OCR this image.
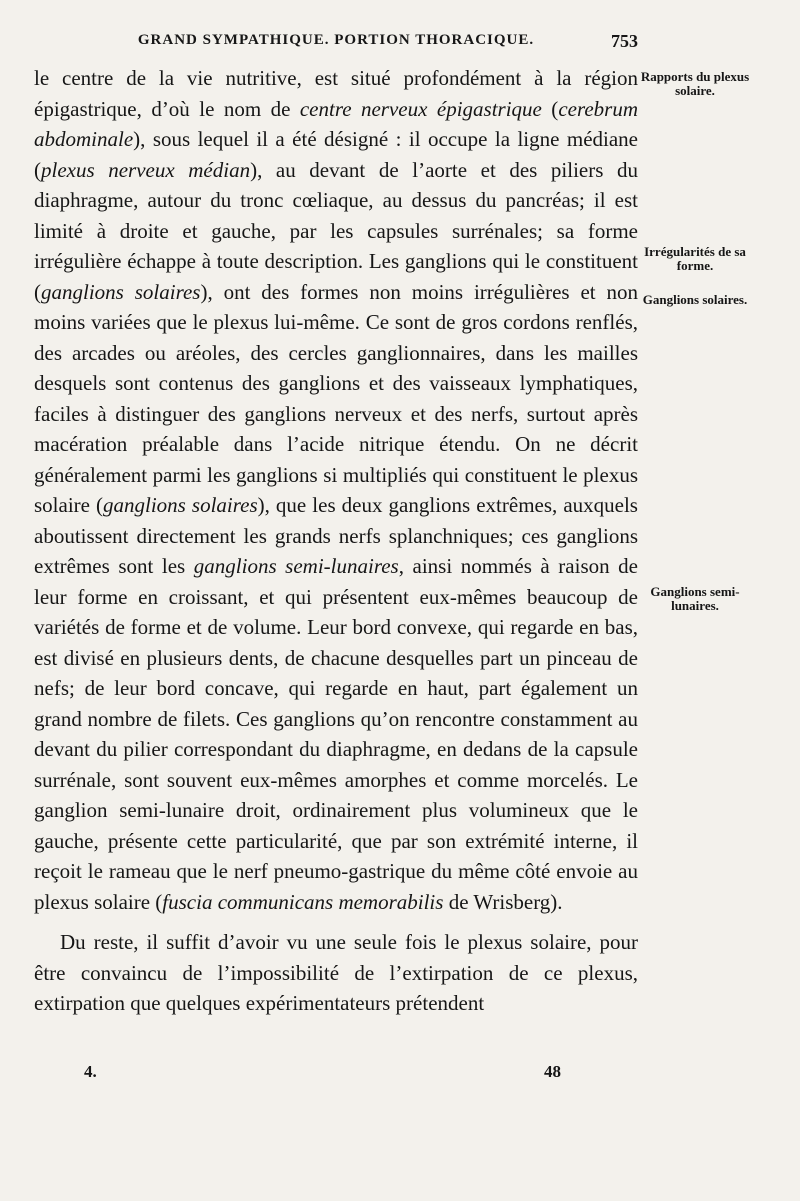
GRAND SYMPATHIQUE. PORTION THORACIQUE.	753
le centre de la vie nutritive, est situé profondément à la région épigastrique, d’où le nom de centre nerveux épigastrique (cerebrum abdominale), sous lequel il a été désigné : il occupe la ligne médiane (plexus nerveux médian), au devant de l’aorte et des piliers du diaphragme, autour du tronc cœliaque, au dessus du pancréas; il est limité à droite et gauche, par les capsules surrénales; sa forme irrégulière échappe à toute description. Les ganglions qui le constituent (ganglions solaires), ont des formes non moins irrégulières et non moins variées que le plexus lui-même. Ce sont de gros cordons renflés, des arcades ou aréoles, des cercles ganglionnaires, dans les mailles desquels sont contenus des ganglions et des vaisseaux lymphatiques, faciles à distinguer des ganglions nerveux et des nerfs, surtout après macération préalable dans l’acide nitrique étendu. On ne décrit généralement parmi les ganglions si multipliés qui constituent le plexus solaire (ganglions solaires), que les deux ganglions extrêmes, auxquels aboutissent directement les grands nerfs splanchniques; ces ganglions extrêmes sont les ganglions semi-lunaires, ainsi nommés à raison de leur forme en croissant, et qui présentent eux-mêmes beaucoup de variétés de forme et de volume. Leur bord convexe, qui regarde en bas, est divisé en plusieurs dents, de chacune desquelles part un pinceau de nefs; de leur bord concave, qui regarde en haut, part également un grand nombre de filets. Ces ganglions qu’on rencontre constamment au devant du pilier correspondant du diaphragme, en dedans de la capsule surrénale, sont souvent eux-mêmes amorphes et comme morcelés. Le ganglion semi-lunaire droit, ordinairement plus volumineux que le gauche, présente cette particularité, que par son extrémité interne, il reçoit le rameau que le nerf pneumo-gastrique du même côté envoie au plexus solaire (fuscia communicans memorabilis de Wrisberg).
Du reste, il suffit d’avoir vu une seule fois le plexus solaire, pour être convaincu de l’impossibilité de l’extirpation de ce plexus, extirpation que quelques expérimentateurs prétendent
Rapports du plexus solaire.
Irrégularités de sa forme.
Ganglions solaires.
Ganglions semi-lunaires.
4.	48
